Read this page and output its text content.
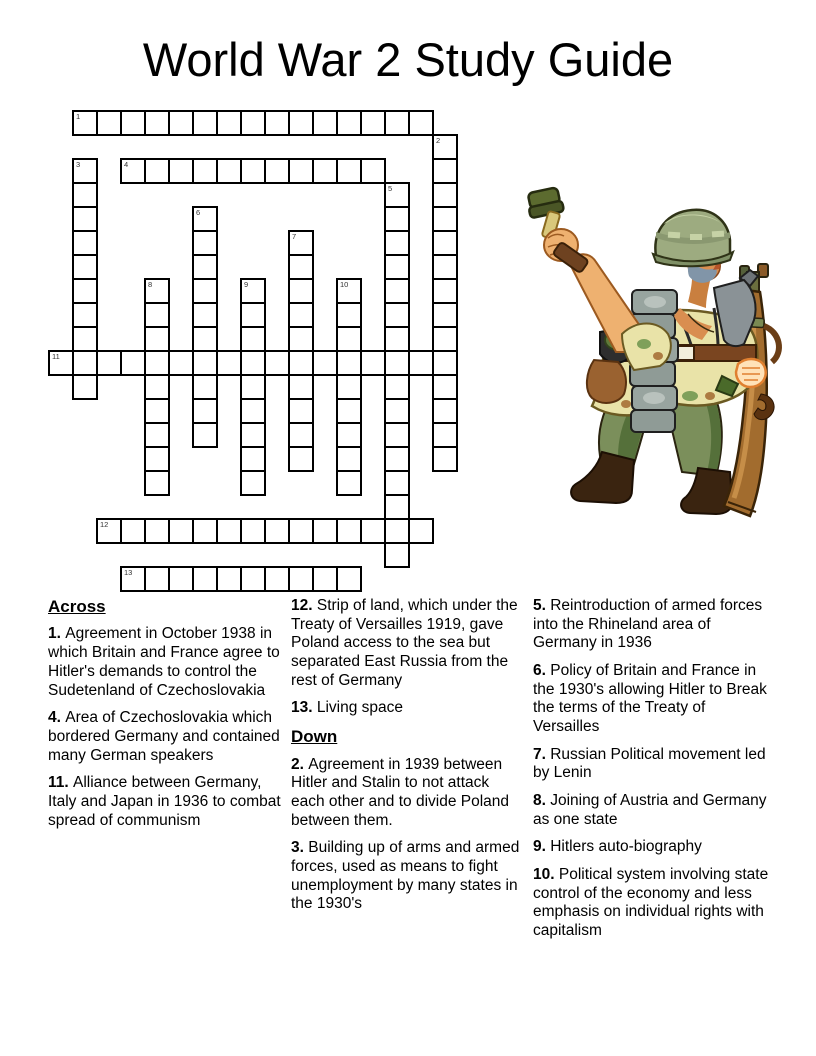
World War 2 Study Guide
1
2
3	4
5
6
7
8	9	10
11
12
13
Across

1. Agreement in October 1938 in which Britain and France agree to Hitler's demands to control the Sudetenland of Czechoslovakia

4. Area of Czechoslovakia which bordered Germany and contained many German speakers

11. Alliance between Germany, Italy and Japan in 1936 to combat spread of communism

12. Strip of land, which under the Treaty of Versailles 1919, gave Poland access to the sea but separated East Russia from the rest of Germany

13. Living space

Down

2. Agreement in 1939 between Hitler and Stalin to not attack each other and to divide Poland between them.

3. Building up of arms and armed forces, used as means to fight unemployment by many states in the 1930's

5. Reintroduction of armed forces into the Rhineland area of Germany in 1936

6. Policy of Britain and France in the 1930's allowing Hitler to Break the terms of the Treaty of Versailles

7. Russian Political movement led by Lenin

8. Joining of Austria and Germany as one state

9. Hitlers auto-biography

10. Political system involving state control of the economy and less emphasis on individual rights with capitalism
